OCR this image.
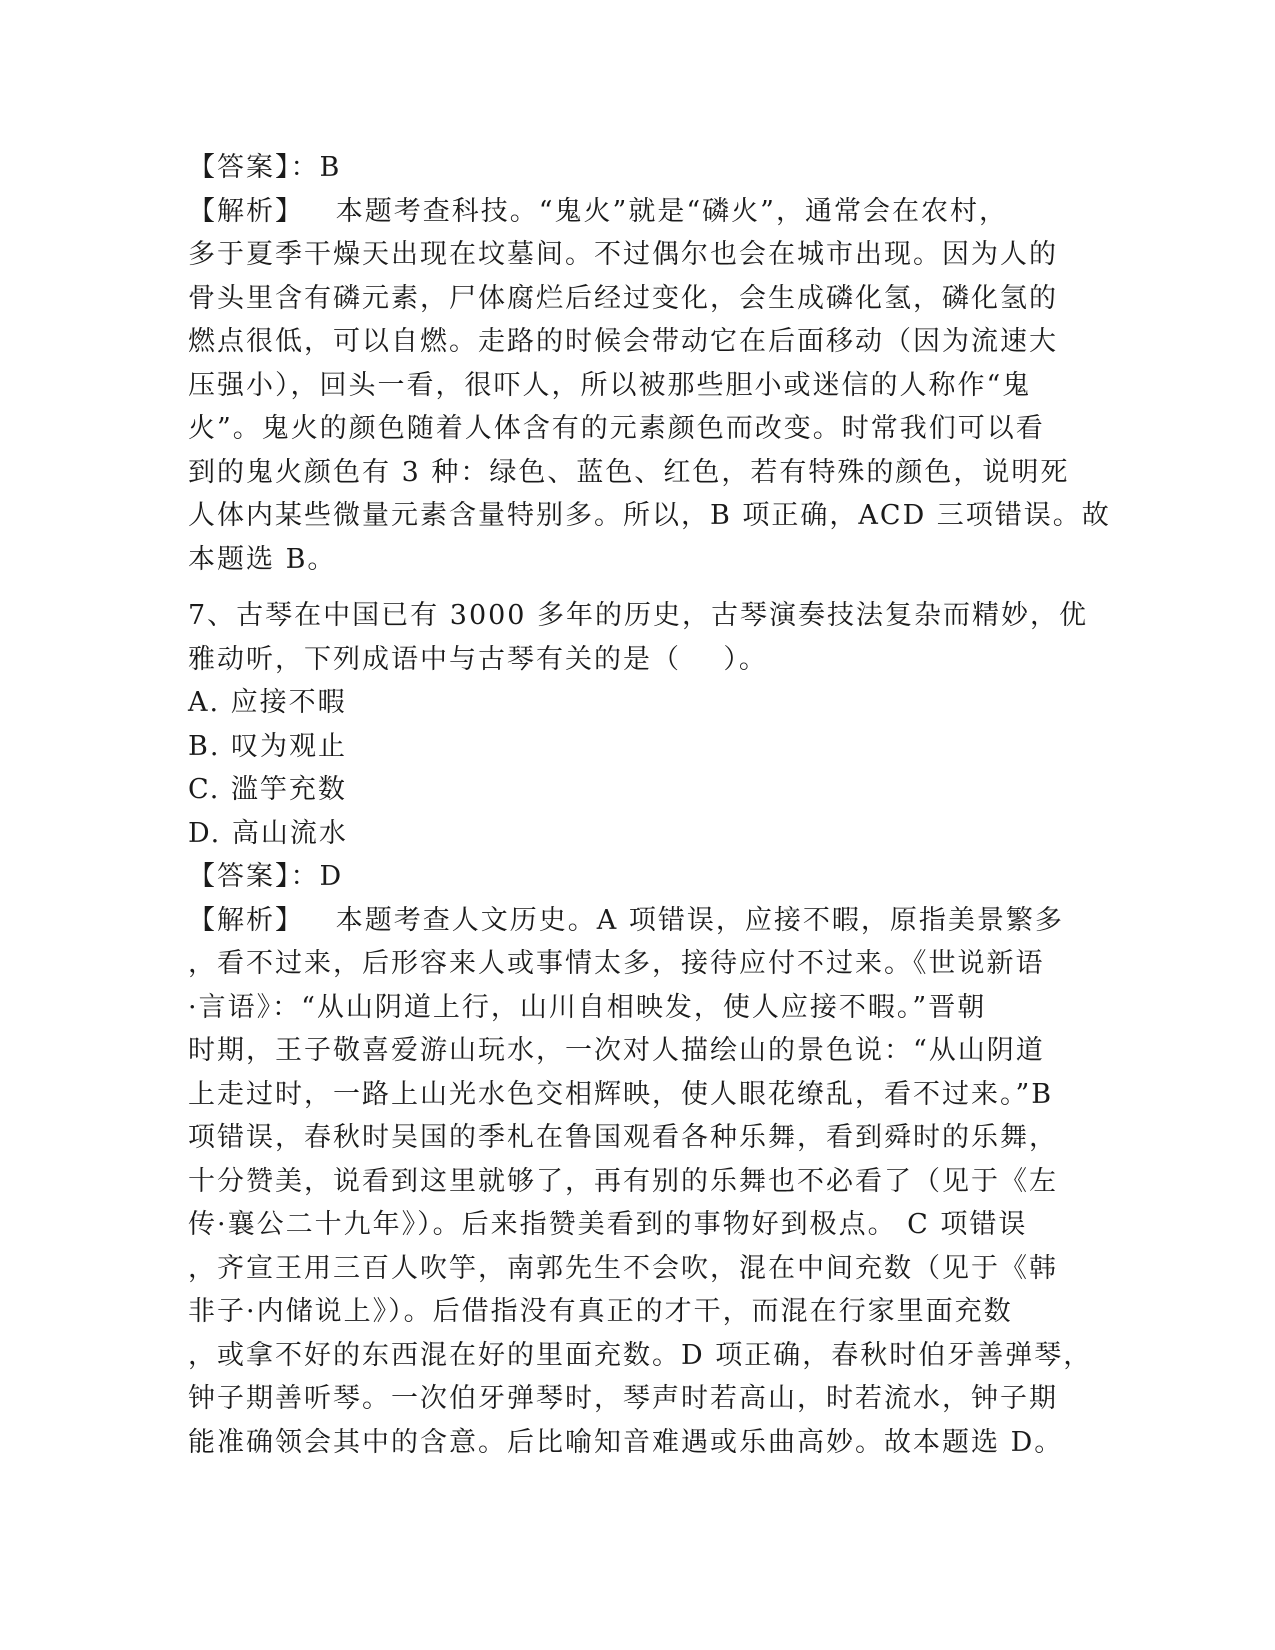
【答案】：B
【解析】   本题考查科技。“鬼火”就是“磷火”，通常会在农村，
多于夏季干燥天出现在坟墓间。不过偶尔也会在城市出现。因为人的
骨头里含有磷元素，尸体腐烂后经过变化，会生成磷化氢，磷化氢的
燃点很低，可以自燃。走路的时候会带动它在后面移动（因为流速大
压强小），回头一看，很吓人，所以被那些胆小或迷信的人称作“鬼
火”。鬼火的颜色随着人体含有的元素颜色而改变。时常我们可以看
到的鬼火颜色有 3 种：绿色、蓝色、红色，若有特殊的颜色，说明死
人体内某些微量元素含量特别多。所以，B 项正确，ACD 三项错误。故
本题选 B。
7、古琴在中国已有 3000 多年的历史，古琴演奏技法复杂而精妙，优
雅动听，下列成语中与古琴有关的是（    ）。
A. 应接不暇
B. 叹为观止
C. 滥竽充数
D. 高山流水
【答案】：D
【解析】   本题考查人文历史。A 项错误，应接不暇，原指美景繁多
，看不过来，后形容来人或事情太多，接待应付不过来。《世说新语
·言语》：“从山阴道上行，山川自相映发，使人应接不暇。”晋朝
时期，王子敬喜爱游山玩水，一次对人描绘山的景色说：“从山阴道
上走过时，一路上山光水色交相辉映，使人眼花缭乱，看不过来。”B
项错误，春秋时吴国的季札在鲁国观看各种乐舞，看到舜时的乐舞，
十分赞美，说看到这里就够了，再有别的乐舞也不必看了（见于《左
传·襄公二十九年》）。后来指赞美看到的事物好到极点。 C 项错误
，齐宣王用三百人吹竽，南郭先生不会吹，混在中间充数（见于《韩
非子·内储说上》）。后借指没有真正的才干，而混在行家里面充数
，或拿不好的东西混在好的里面充数。D 项正确，春秋时伯牙善弹琴，
钟子期善听琴。一次伯牙弹琴时，琴声时若高山，时若流水，钟子期
能准确领会其中的含意。后比喻知音难遇或乐曲高妙。故本题选 D。
